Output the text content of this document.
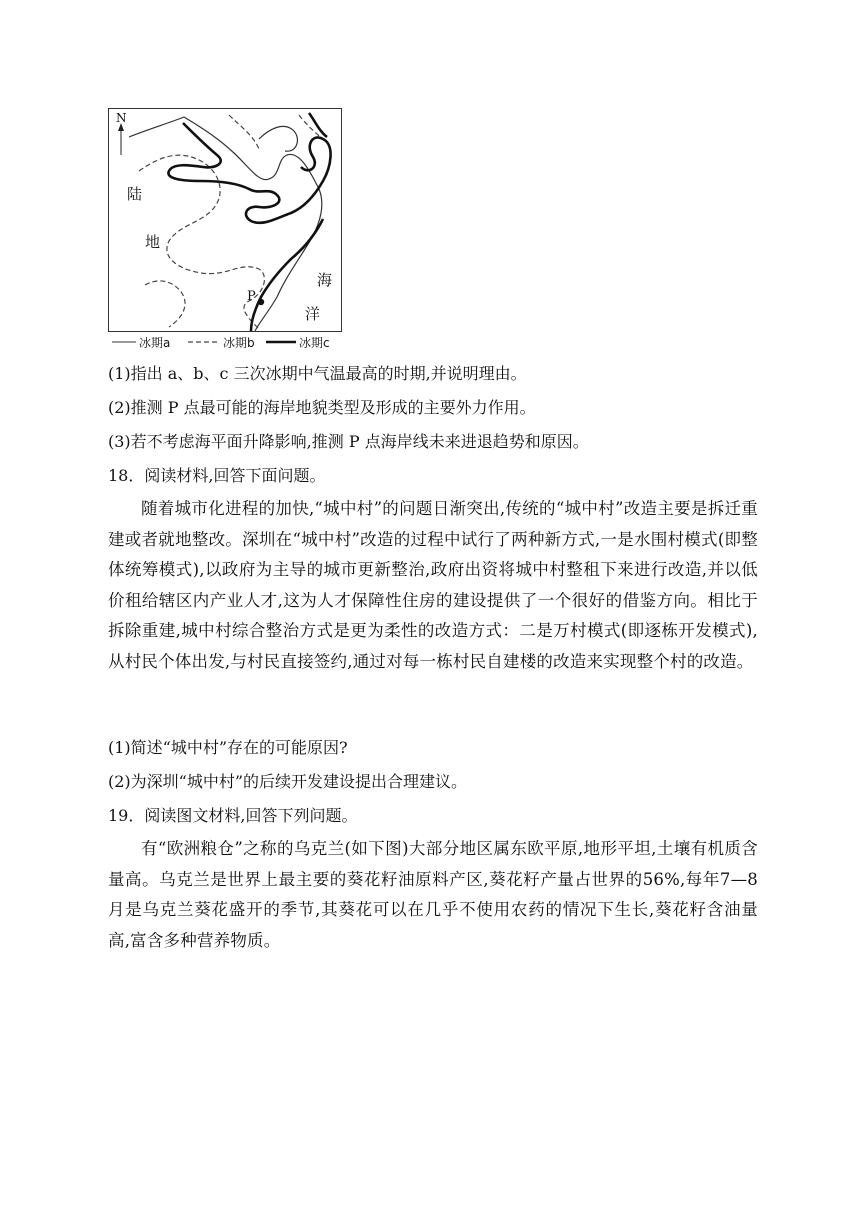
N
陆
地
海
洋
P
冰期a	冰期b	冰期c
(1)指出 a、b、c 三次冰期中气温最高的时期,并说明理由。
(2)推测 P 点最可能的海岸地貌类型及形成的主要外力作用。
(3)若不考虑海平面升降影响,推测 P 点海岸线未来进退趋势和原因。
18．阅读材料,回答下面问题。
随着城市化进程的加快,“城中村”的问题日渐突出,传统的“城中村”改造主要是拆迁重建或者就地整改。深圳在“城中村”改造的过程中试行了两种新方式,一是水围村模式(即整体统筹模式),以政府为主导的城市更新整治,政府出资将城中村整租下来进行改造,并以低价租给辖区内产业人才,这为人才保障性住房的建设提供了一个很好的借鉴方向。相比于拆除重建,城中村综合整治方式是更为柔性的改造方式：二是万村模式(即逐栋开发模式),从村民个体出发,与村民直接签约,通过对每一栋村民自建楼的改造来实现整个村的改造。
(1)简述“城中村”存在的可能原因?
(2)为深圳“城中村”的后续开发建设提出合理建议。
19．阅读图文材料,回答下列问题。
有“欧洲粮仓”之称的乌克兰(如下图)大部分地区属东欧平原,地形平坦,土壤有机质含量高。乌克兰是世界上最主要的葵花籽油原料产区,葵花籽产量占世界的56%,每年7—8月是乌克兰葵花盛开的季节,其葵花可以在几乎不使用农药的情况下生长,葵花籽含油量高,富含多种营养物质。
